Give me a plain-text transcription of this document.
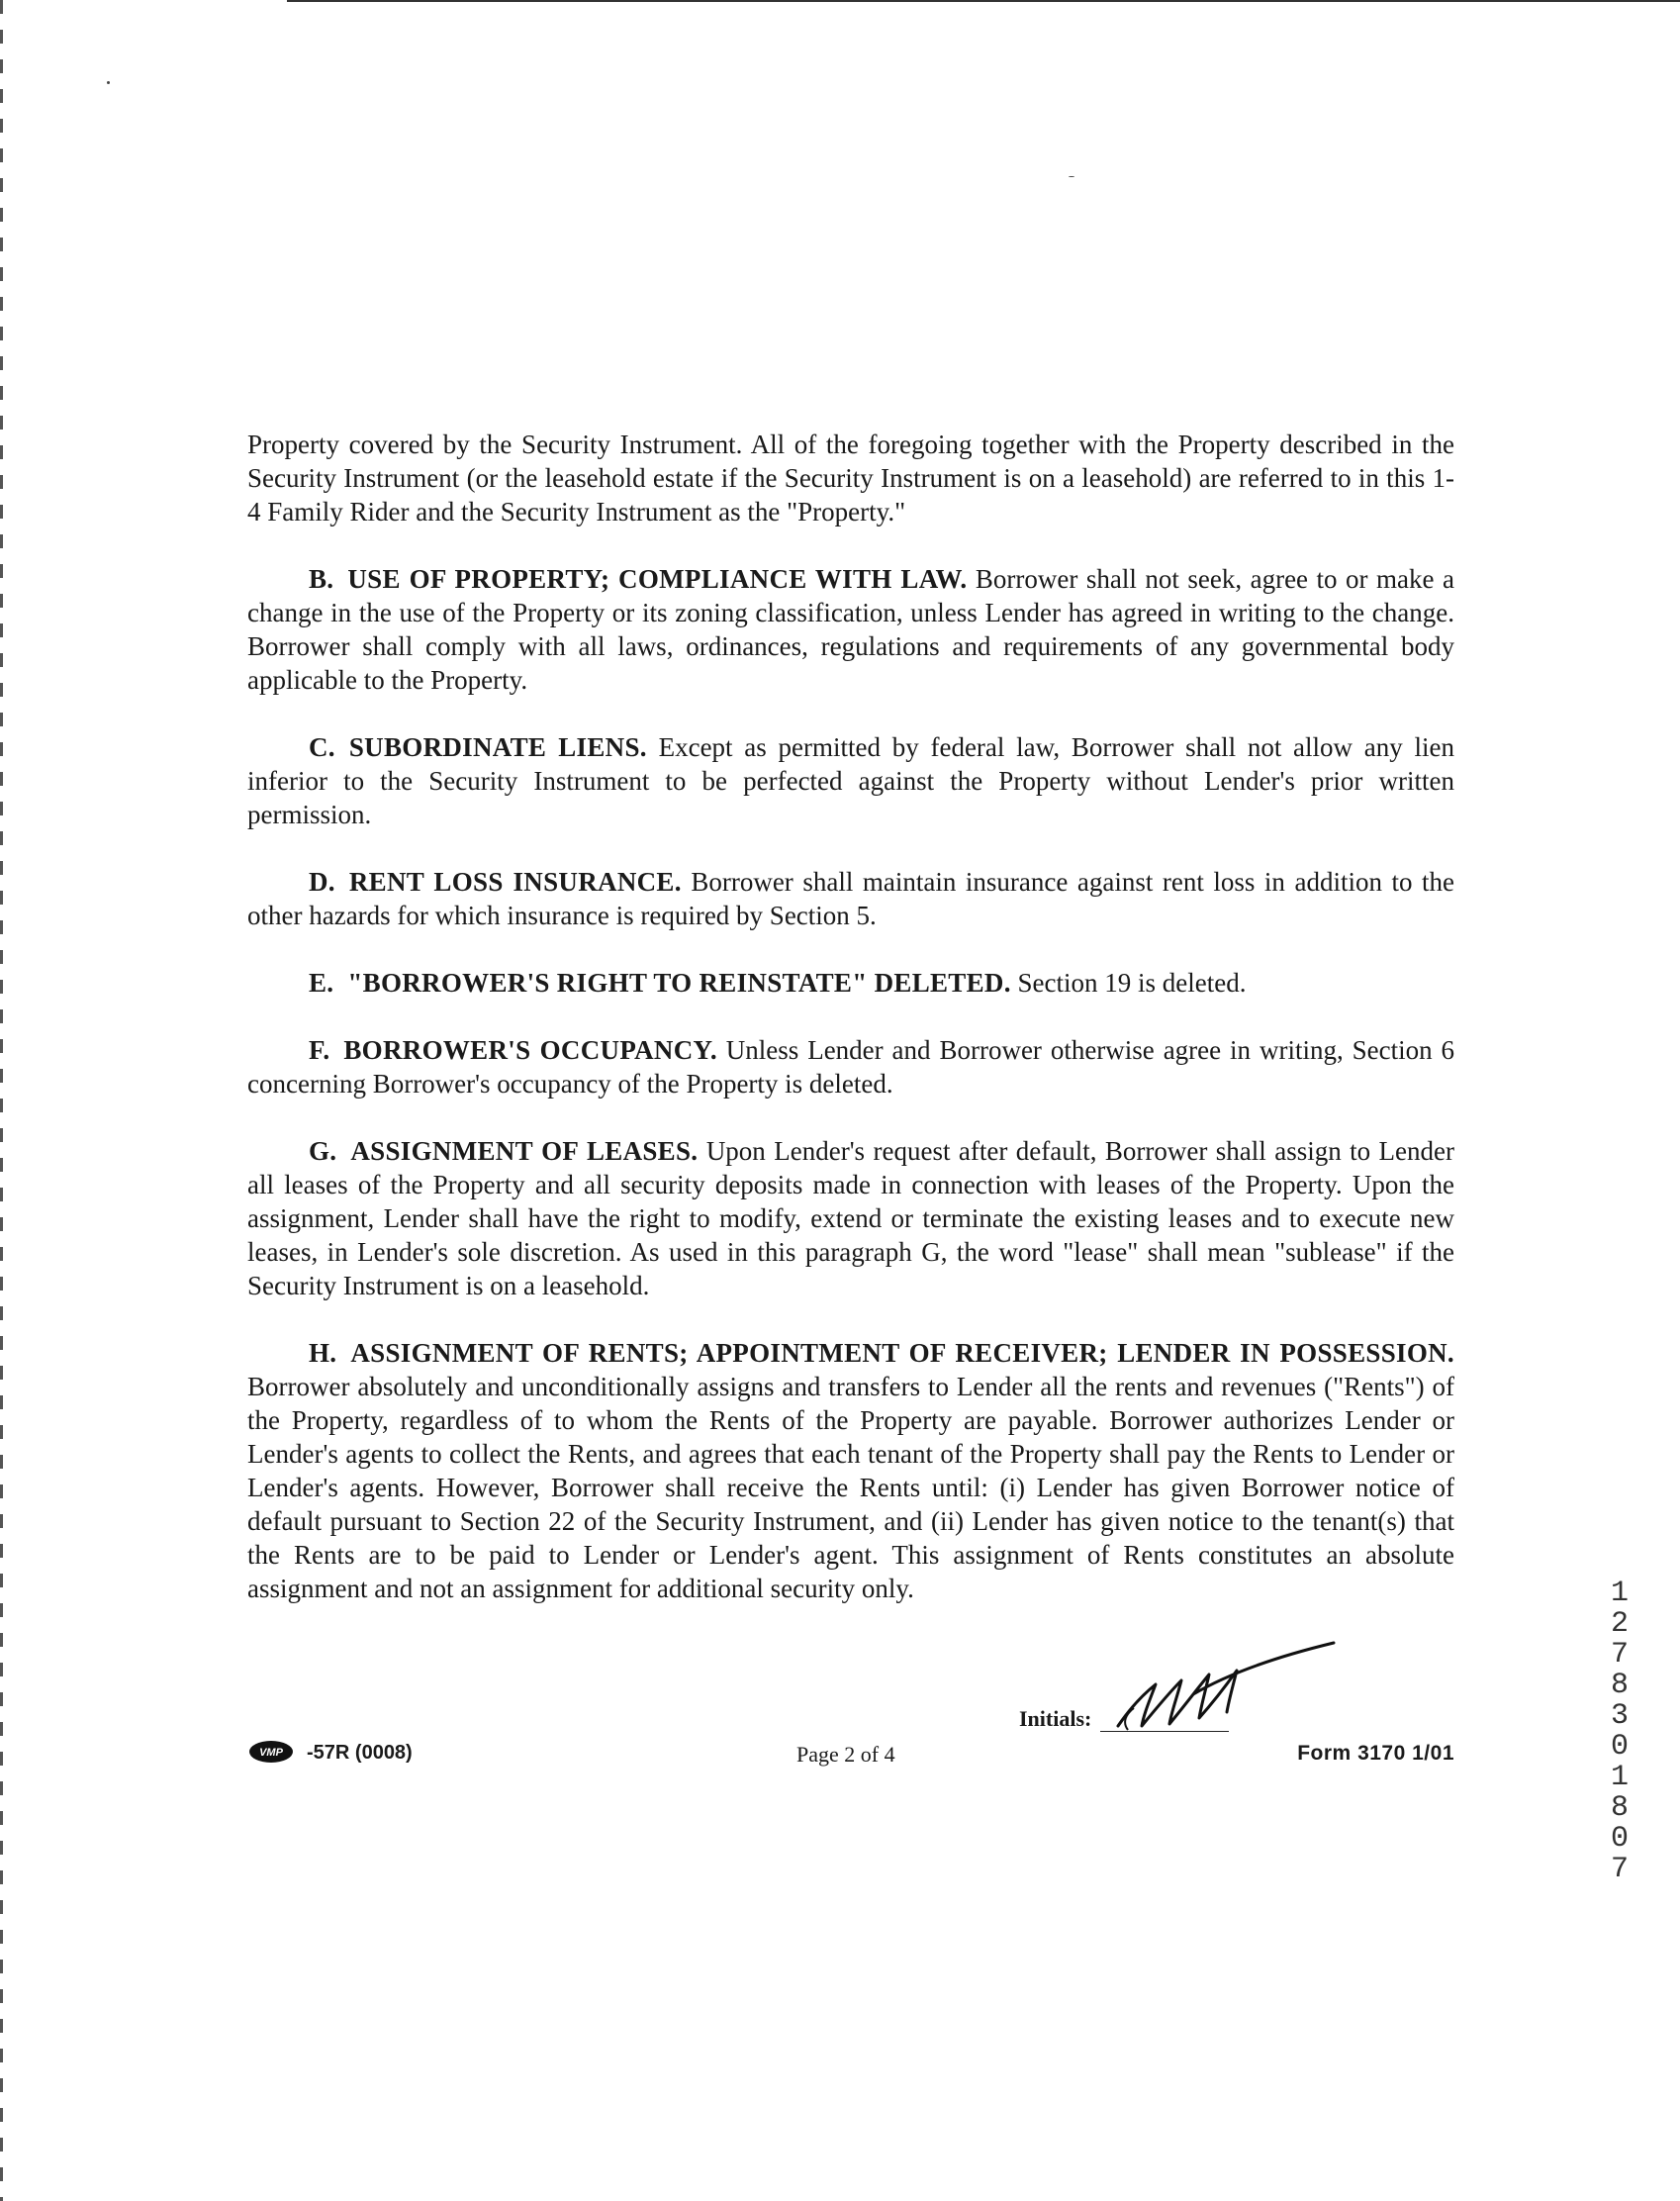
Property covered by the Security Instrument. All of the foregoing together with the Property described in the Security Instrument (or the leasehold estate if the Security Instrument is on a leasehold) are referred to in this 1-4 Family Rider and the Security Instrument as the "Property."

B. USE OF PROPERTY; COMPLIANCE WITH LAW. Borrower shall not seek, agree to or make a change in the use of the Property or its zoning classification, unless Lender has agreed in writing to the change. Borrower shall comply with all laws, ordinances, regulations and requirements of any governmental body applicable to the Property.

C. SUBORDINATE LIENS. Except as permitted by federal law, Borrower shall not allow any lien inferior to the Security Instrument to be perfected against the Property without Lender's prior written permission.

D. RENT LOSS INSURANCE. Borrower shall maintain insurance against rent loss in addition to the other hazards for which insurance is required by Section 5.

E. "BORROWER'S RIGHT TO REINSTATE" DELETED. Section 19 is deleted.

F. BORROWER'S OCCUPANCY. Unless Lender and Borrower otherwise agree in writing, Section 6 concerning Borrower's occupancy of the Property is deleted.

G. ASSIGNMENT OF LEASES. Upon Lender's request after default, Borrower shall assign to Lender all leases of the Property and all security deposits made in connection with leases of the Property. Upon the assignment, Lender shall have the right to modify, extend or terminate the existing leases and to execute new leases, in Lender's sole discretion. As used in this paragraph G, the word "lease" shall mean "sublease" if the Security Instrument is on a leasehold.

H. ASSIGNMENT OF RENTS; APPOINTMENT OF RECEIVER; LENDER IN POSSESSION. Borrower absolutely and unconditionally assigns and transfers to Lender all the rents and revenues ("Rents") of the Property, regardless of to whom the Rents of the Property are payable. Borrower authorizes Lender or Lender's agents to collect the Rents, and agrees that each tenant of the Property shall pay the Rents to Lender or Lender's agents. However, Borrower shall receive the Rents until: (i) Lender has given Borrower notice of default pursuant to Section 22 of the Security Instrument, and (ii) Lender has given notice to the tenant(s) that the Rents are to be paid to Lender or Lender's agent. This assignment of Rents constitutes an absolute assignment and not an assignment for additional security only.

Initials:
VMP -57R (0008)	Page 2 of 4	Form 3170 1/01
12783 01807
